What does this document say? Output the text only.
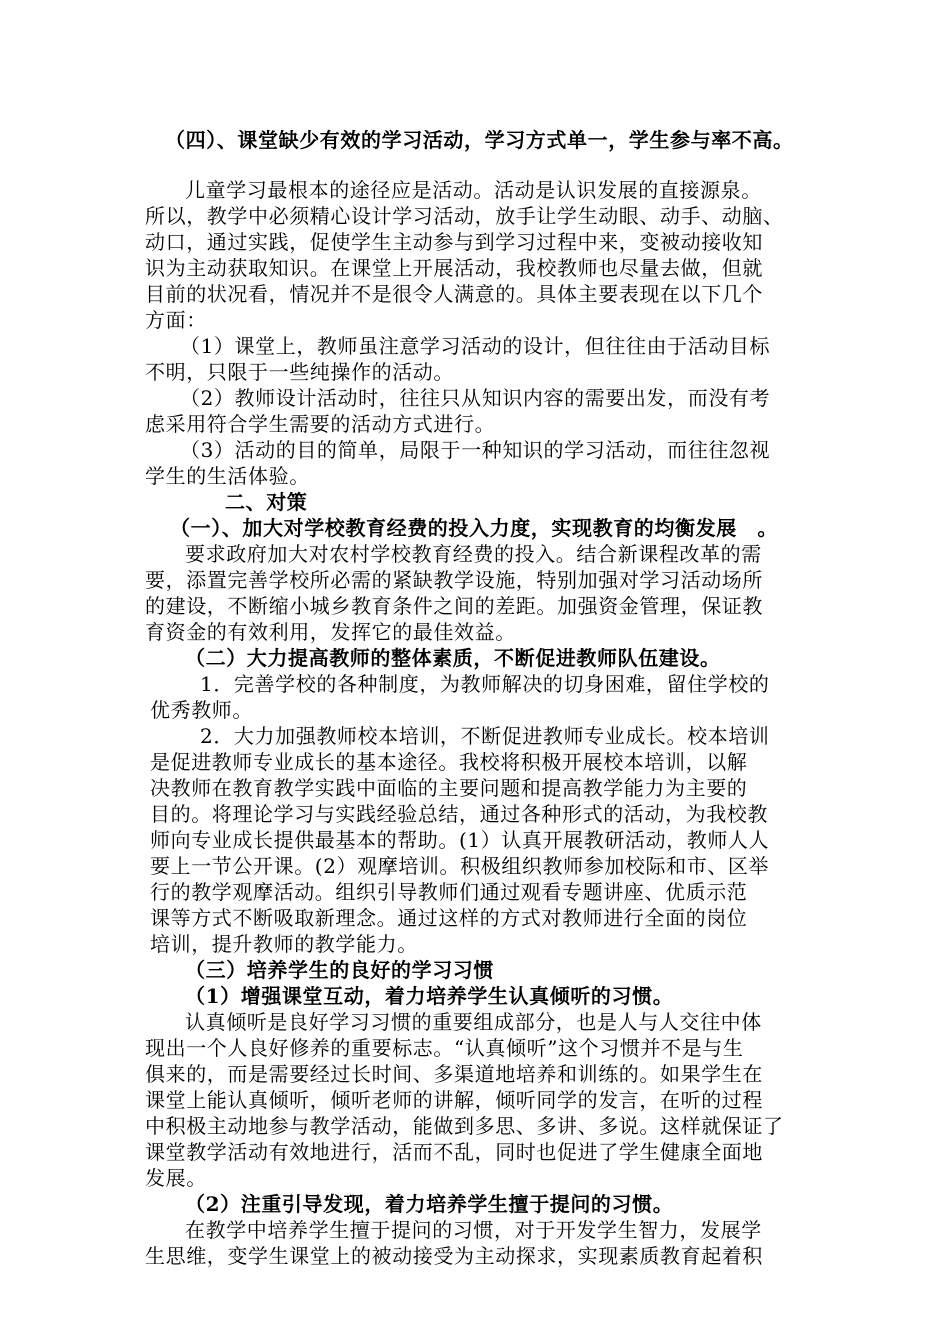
（四）、课堂缺少有效的学习活动，学习方式单一，学生参与率不高。
儿童学习最根本的途径应是活动。活动是认识发展的直接源泉。
所以，教学中必须精心设计学习活动，放手让学生动眼、动手、动脑、
动口，通过实践，促使学生主动参与到学习过程中来，变被动接收知
识为主动获取知识。在课堂上开展活动，我校教师也尽量去做，但就
目前的状况看，情况并不是很令人满意的。具体主要表现在以下几个
方面：
（1）课堂上，教师虽注意学习活动的设计，但往往由于活动目标
不明，只限于一些纯操作的活动。
（2）教师设计活动时，往往只从知识内容的需要出发，而没有考
虑采用符合学生需要的活动方式进行。
（3）活动的目的简单，局限于一种知识的学习活动，而往往忽视
学生的生活体验。
二、对策
（一）、加大对学校教育经费的投入力度，实现教育的均衡发展　。
要求政府加大对农村学校教育经费的投入。结合新课程改革的需
要，添置完善学校所必需的紧缺教学设施，特别加强对学习活动场所
的建设，不断缩小城乡教育条件之间的差距。加强资金管理，保证教
育资金的有效利用，发挥它的最佳效益。
（二）大力提高教师的整体素质，不断促进教师队伍建设。
1．完善学校的各种制度，为教师解决的切身困难，留住学校的
优秀教师。
2．大力加强教师校本培训，不断促进教师专业成长。校本培训
是促进教师专业成长的基本途径。我校将积极开展校本培训，以解
决教师在教育教学实践中面临的主要问题和提高教学能力为主要的
目的。将理论学习与实践经验总结，通过各种形式的活动，为我校教
师向专业成长提供最基本的帮助。(1）认真开展教研活动，教师人人
要上一节公开课。(2）观摩培训。积极组织教师参加校际和市、区举
行的教学观摩活动。组织引导教师们通过观看专题讲座、优质示范
课等方式不断吸取新理念。通过这样的方式对教师进行全面的岗位
培训，提升教师的教学能力。
（三）培养学生的良好的学习习惯
（1）增强课堂互动，着力培养学生认真倾听的习惯。
认真倾听是良好学习习惯的重要组成部分，也是人与人交往中体
现出一个人良好修养的重要标志。“认真倾听”这个习惯并不是与生
俱来的，而是需要经过长时间、多渠道地培养和训练的。如果学生在
课堂上能认真倾听，倾听老师的讲解，倾听同学的发言，在听的过程
中积极主动地参与教学活动，能做到多思、多讲、多说。这样就保证了
课堂教学活动有效地进行，活而不乱，同时也促进了学生健康全面地
发展。
（2）注重引导发现，着力培养学生擅于提问的习惯。
在教学中培养学生擅于提问的习惯，对于开发学生智力，发展学
生思维，变学生课堂上的被动接受为主动探求，实现素质教育起着积
